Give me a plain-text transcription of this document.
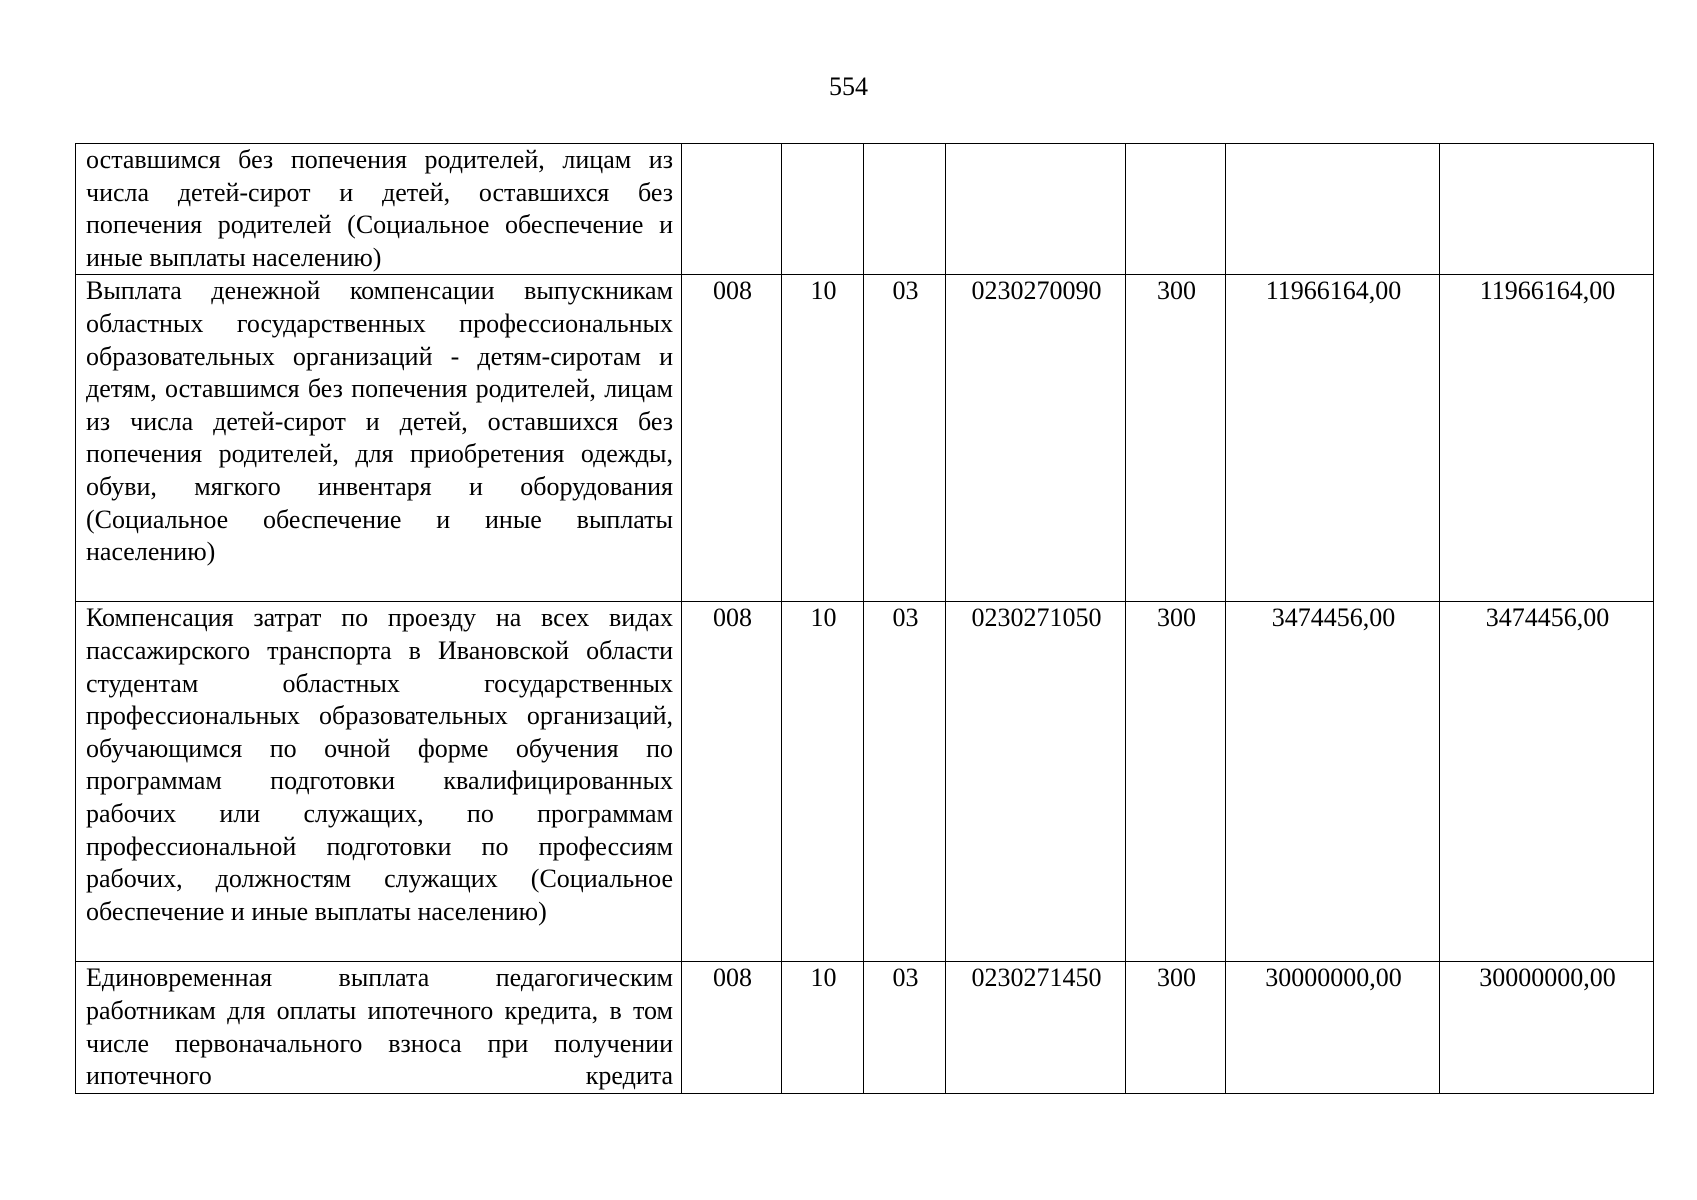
554
оставшимся без попечения родителей, лицам из числа детей-сирот и детей, оставшихся без попечения родителей (Социальное обеспечение и иные выплаты населению)							
Выплата денежной компенсации выпускникам областных государственных профессиональных образовательных организаций - детям-сиротам и детям, оставшимся без попечения родителей, лицам из числа детей-сирот и детей, оставшихся без попечения родителей, для приобретения одежды, обуви, мягкого инвентаря и оборудования (Социальное обеспечение и иные выплаты населению)	008	10	03	0230270090	300	11966164,00	11966164,00
Компенсация затрат по проезду на всех видах пассажирского транспорта в Ивановской области студентам областных государственных профессиональных образовательных организаций, обучающимся по очной форме обучения по программам подготовки квалифицированных рабочих или служащих, по программам профессиональной подготовки по профессиям рабочих, должностям служащих (Социальное обеспечение и иные выплаты населению)	008	10	03	0230271050	300	3474456,00	3474456,00
Единовременная выплата педагогическим работникам для оплаты ипотечного кредита, в том числе первоначального взноса при получении ипотечного кредита	008	10	03	0230271450	300	30000000,00	30000000,00
